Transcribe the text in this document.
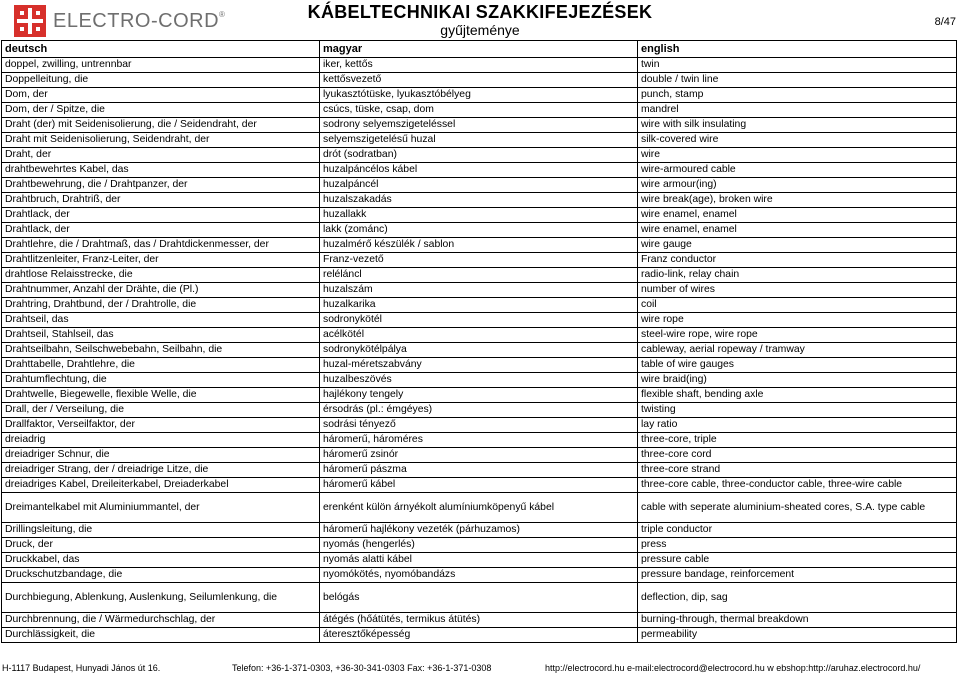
ELECTRO-CORD®	KÁBELTECHNIKAI SZAKKIFEJEZÉSEK
gyűjteménye	8/47
deutsch	magyar	english
doppel, zwilling, untrennbar	iker, kettős	twin
Doppelleitung, die	kettősvezető	double / twin line
Dom, der	lyukasztótüske, lyukasztóbélyeg	punch, stamp
Dom, der / Spitze, die	csúcs, tüske, csap, dom	mandrel
Draht (der) mit Seidenisolierung, die / Seidendraht, der	sodrony selyemszigeteléssel	wire with silk insulating
Draht mit Seidenisolierung, Seidendraht, der	selyemszigetelésű huzal	silk-covered wire
Draht, der	drót (sodratban)	wire
drahtbewehrtes Kabel, das	huzalpáncélos kábel	wire-armoured cable
Drahtbewehrung, die / Drahtpanzer, der	huzalpáncél	wire armour(ing)
Drahtbruch, Drahtriß, der	huzalszakadás	wire break(age), broken wire
Drahtlack, der	huzallakk	wire enamel, enamel
Drahtlack, der	lakk (zománc)	wire enamel, enamel
Drahtlehre, die / Drahtmaß, das / Drahtdickenmesser, der	huzalmérő készülék / sablon	wire gauge
Drahtlitzenleiter, Franz-Leiter, der	Franz-vezető	Franz conductor
drahtlose Relaisstrecke, die	reléláncl	radio-link, relay chain
Drahtnummer, Anzahl der Drähte, die (Pl.)	huzalszám	number of wires
Drahtring, Drahtbund, der / Drahtrolle, die	huzalkarika	coil
Drahtseil, das	sodronykötél	wire rope
Drahtseil, Stahlseil, das	acélkötél	steel-wire rope, wire rope
Drahtseilbahn, Seilschwebebahn, Seilbahn, die	sodronykötélpálya	cableway, aerial ropeway / tramway
Drahttabelle, Drahtlehre, die	huzal-méretszabvány	table of wire gauges
Drahtumflechtung, die	huzalbeszövés	wire braid(ing)
Drahtwelle, Biegewelle, flexible Welle, die	hajlékony tengely	flexible shaft, bending axle
Drall, der / Verseilung, die	érsodrás (pl.: émgéyes)	twisting
Drallfaktor, Verseilfaktor, der	sodrási tényező	lay ratio
dreiadrig	háromerű, hároméres	three-core, triple
dreiadriger Schnur, die	háromerű zsinór	three-core cord
dreiadriger Strang, der / dreiadrige Litze, die	háromerű pászma	three-core strand
dreiadriges Kabel, Dreileiterkabel, Dreiaderkabel	háromerű kábel	three-core cable, three-conductor cable, three-wire cable
Dreimantelkabel mit Aluminiummantel, der	erenként külön árnyékolt alumíniumköpenyű kábel	cable with seperate aluminium-sheated cores, S.A. type cable
Drillingsleitung, die	háromerű hajlékony vezeték (párhuzamos)	triple conductor
Druck, der	nyomás (hengerlés)	press
Druckkabel, das	nyomás alatti kábel	pressure cable
Druckschutzbandage, die	nyomókötés, nyomóbandázs	pressure bandage, reinforcement
Durchbiegung, Ablenkung, Auslenkung, Seilumlenkung, die	belógás	deflection, dip, sag
Durchbrennung, die / Wärmedurchschlag, der	átégés (hőátütés, termikus átütés)	burning-through, thermal breakdown
Durchlässigkeit, die	áteresztőképesség	permeability
H-1117 Budapest, Hunyadi János út 16.	Telefon: +36-1-371-0303, +36-30-341-0303 Fax: +36-1-371-0308	http://electrocord.hu e-mail:electrocord@electrocord.hu w ebshop:http://aruhaz.electrocord.hu/
